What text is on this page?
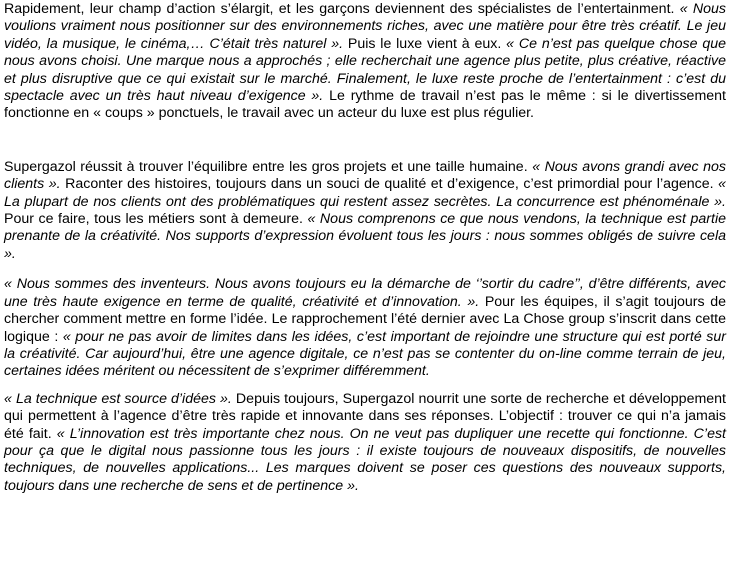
Rapidement, leur champ d’action s’élargit, et les garçons deviennent des spécialistes de l’entertainment. « Nous voulions vraiment nous positionner sur des environnements riches, avec une matière pour être très créatif. Le jeu vidéo, la musique, le cinéma,… C’était très naturel ». Puis le luxe vient à eux. « Ce n’est pas quelque chose que nous avons choisi. Une marque nous a approchés ; elle recherchait une agence plus petite, plus créative, réactive et plus disruptive que ce qui existait sur le marché. Finalement, le luxe reste proche de l’entertainment : c’est du spectacle avec un très haut niveau d’exigence ». Le rythme de travail n’est pas le même : si le divertissement fonctionne en « coups » ponctuels, le travail avec un acteur du luxe est plus régulier.

Supergazol réussit à trouver l’équilibre entre les gros projets et une taille humaine. « Nous avons grandi avec nos clients ». Raconter des histoires, toujours dans un souci de qualité et d’exigence, c’est primordial pour l’agence. « La plupart de nos clients ont des problématiques qui restent assez secrètes. La concurrence est phénoménale ». Pour ce faire, tous les métiers sont à demeure. « Nous comprenons ce que nous vendons, la technique est partie prenante de la créativité. Nos supports d’expression évoluent tous les jours : nous sommes obligés de suivre cela ».

« Nous sommes des inventeurs. Nous avons toujours eu la démarche de ‘’sortir du cadre’’, d’être différents, avec une très haute exigence en terme de qualité, créativité et d’innovation. ». Pour les équipes, il s’agit toujours de chercher comment mettre en forme l’idée. Le rapprochement l’été dernier avec La Chose group s’inscrit dans cette logique : « pour ne pas avoir de limites dans les idées, c’est important de rejoindre une structure qui est porté sur la créativité. Car aujourd’hui, être une agence digitale, ce n’est pas se contenter du on-line comme terrain de jeu, certaines idées méritent ou nécessitent de s’exprimer différemment.

« La technique est source d’idées ». Depuis toujours, Supergazol nourrit une sorte de recherche et développement qui permettent à l’agence d’être très rapide et innovante dans ses réponses. L’objectif : trouver ce qui n’a jamais été fait. « L’innovation est très importante chez nous. On ne veut pas dupliquer une recette qui fonctionne. C’est pour ça que le digital nous passionne tous les jours : il existe toujours de nouveaux dispositifs, de nouvelles techniques, de nouvelles applications... Les marques doivent se poser ces questions des nouveaux supports, toujours dans une recherche de sens et de pertinence ».
